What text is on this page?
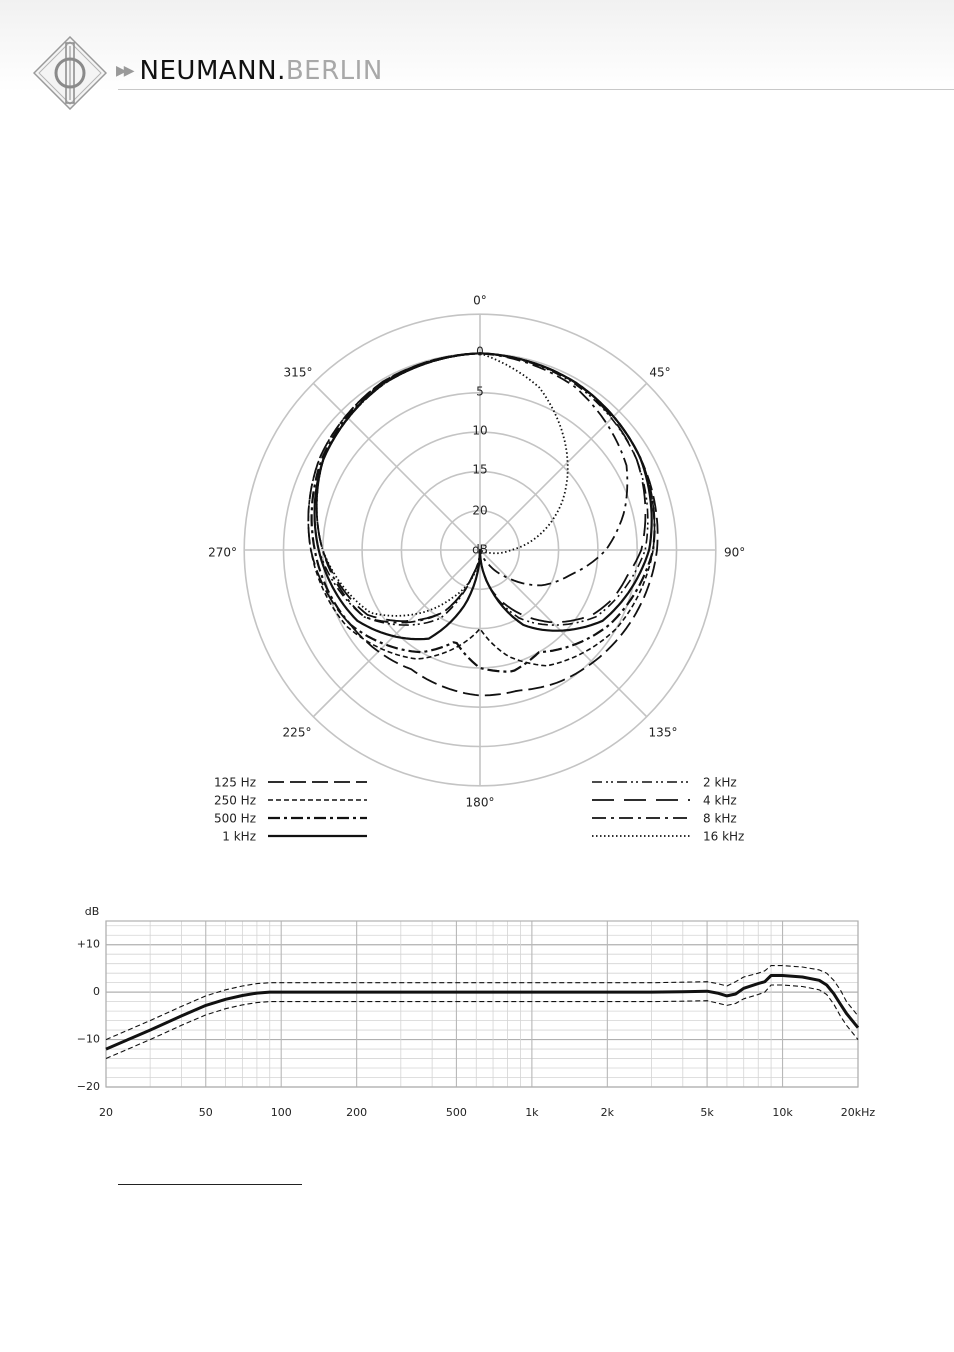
▶▶ NEUMANN. BERLIN
0°
45°
90°
135°
180°
225°
270°
315°
0
5
10
15
20
dB
125 Hz
250 Hz
500 Hz
1 kHz
2 kHz
4 kHz
8 kHz
16 kHz
dB
+10
0
−10
−20
20	50	100	200	500	1k	2k	5k	10k	20kHz
